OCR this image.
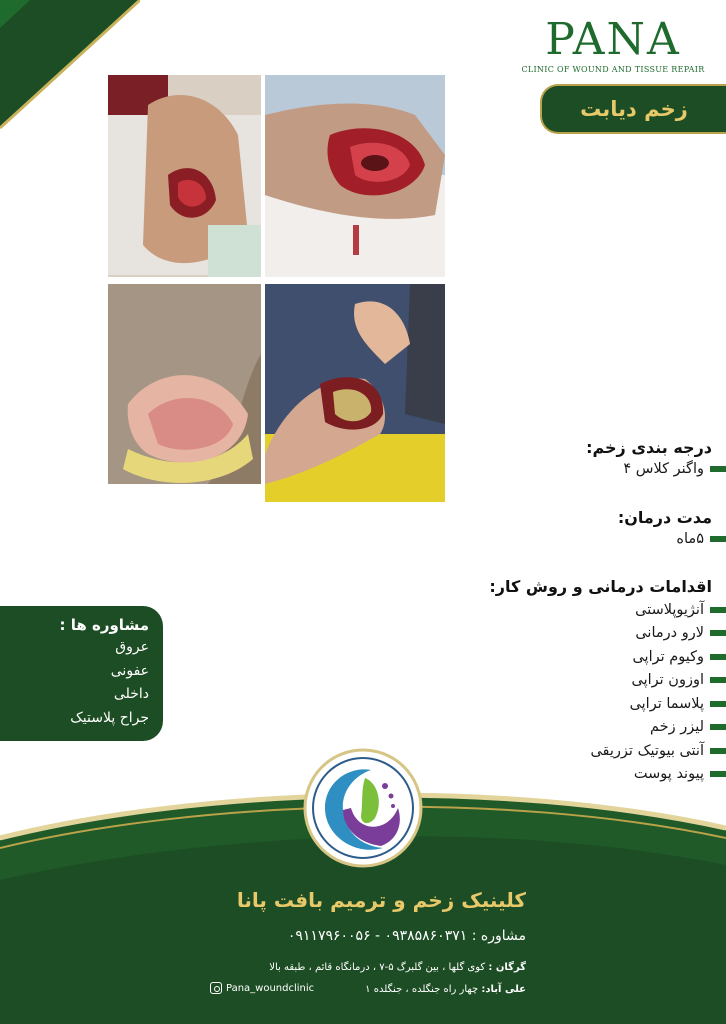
PANA
CLINIC OF WOUND AND TISSUE REPAIR
زخم دیابت
درجه بندی زخم:
واگنر کلاس ۴
مدت درمان:
۵ماه
اقدامات درمانی و روش کار:
آنژیوپلاستی
لارو درمانی
وکیوم تراپی
اوزون تراپی
پلاسما تراپی
لیزر زخم
آنتی بیوتیک تزریقی
پیوند پوست
مشاوره ها :
عروق
عفونی
داخلی
جراح پلاستیک
کلینیک زخم و ترمیم بافت پانا
مشاوره : ۰۹۳۸۵۸۶۰۳۷۱ - ۰۹۱۱۷۹۶۰۰۵۶
گرگان : کوی گلها ، بین گلبرگ ۵-۷ ، درمانگاه قائم ، طبقه بالا
علی آباد: چهار راه جنگلده ، جنگلده ۱
Pana_woundclinic
